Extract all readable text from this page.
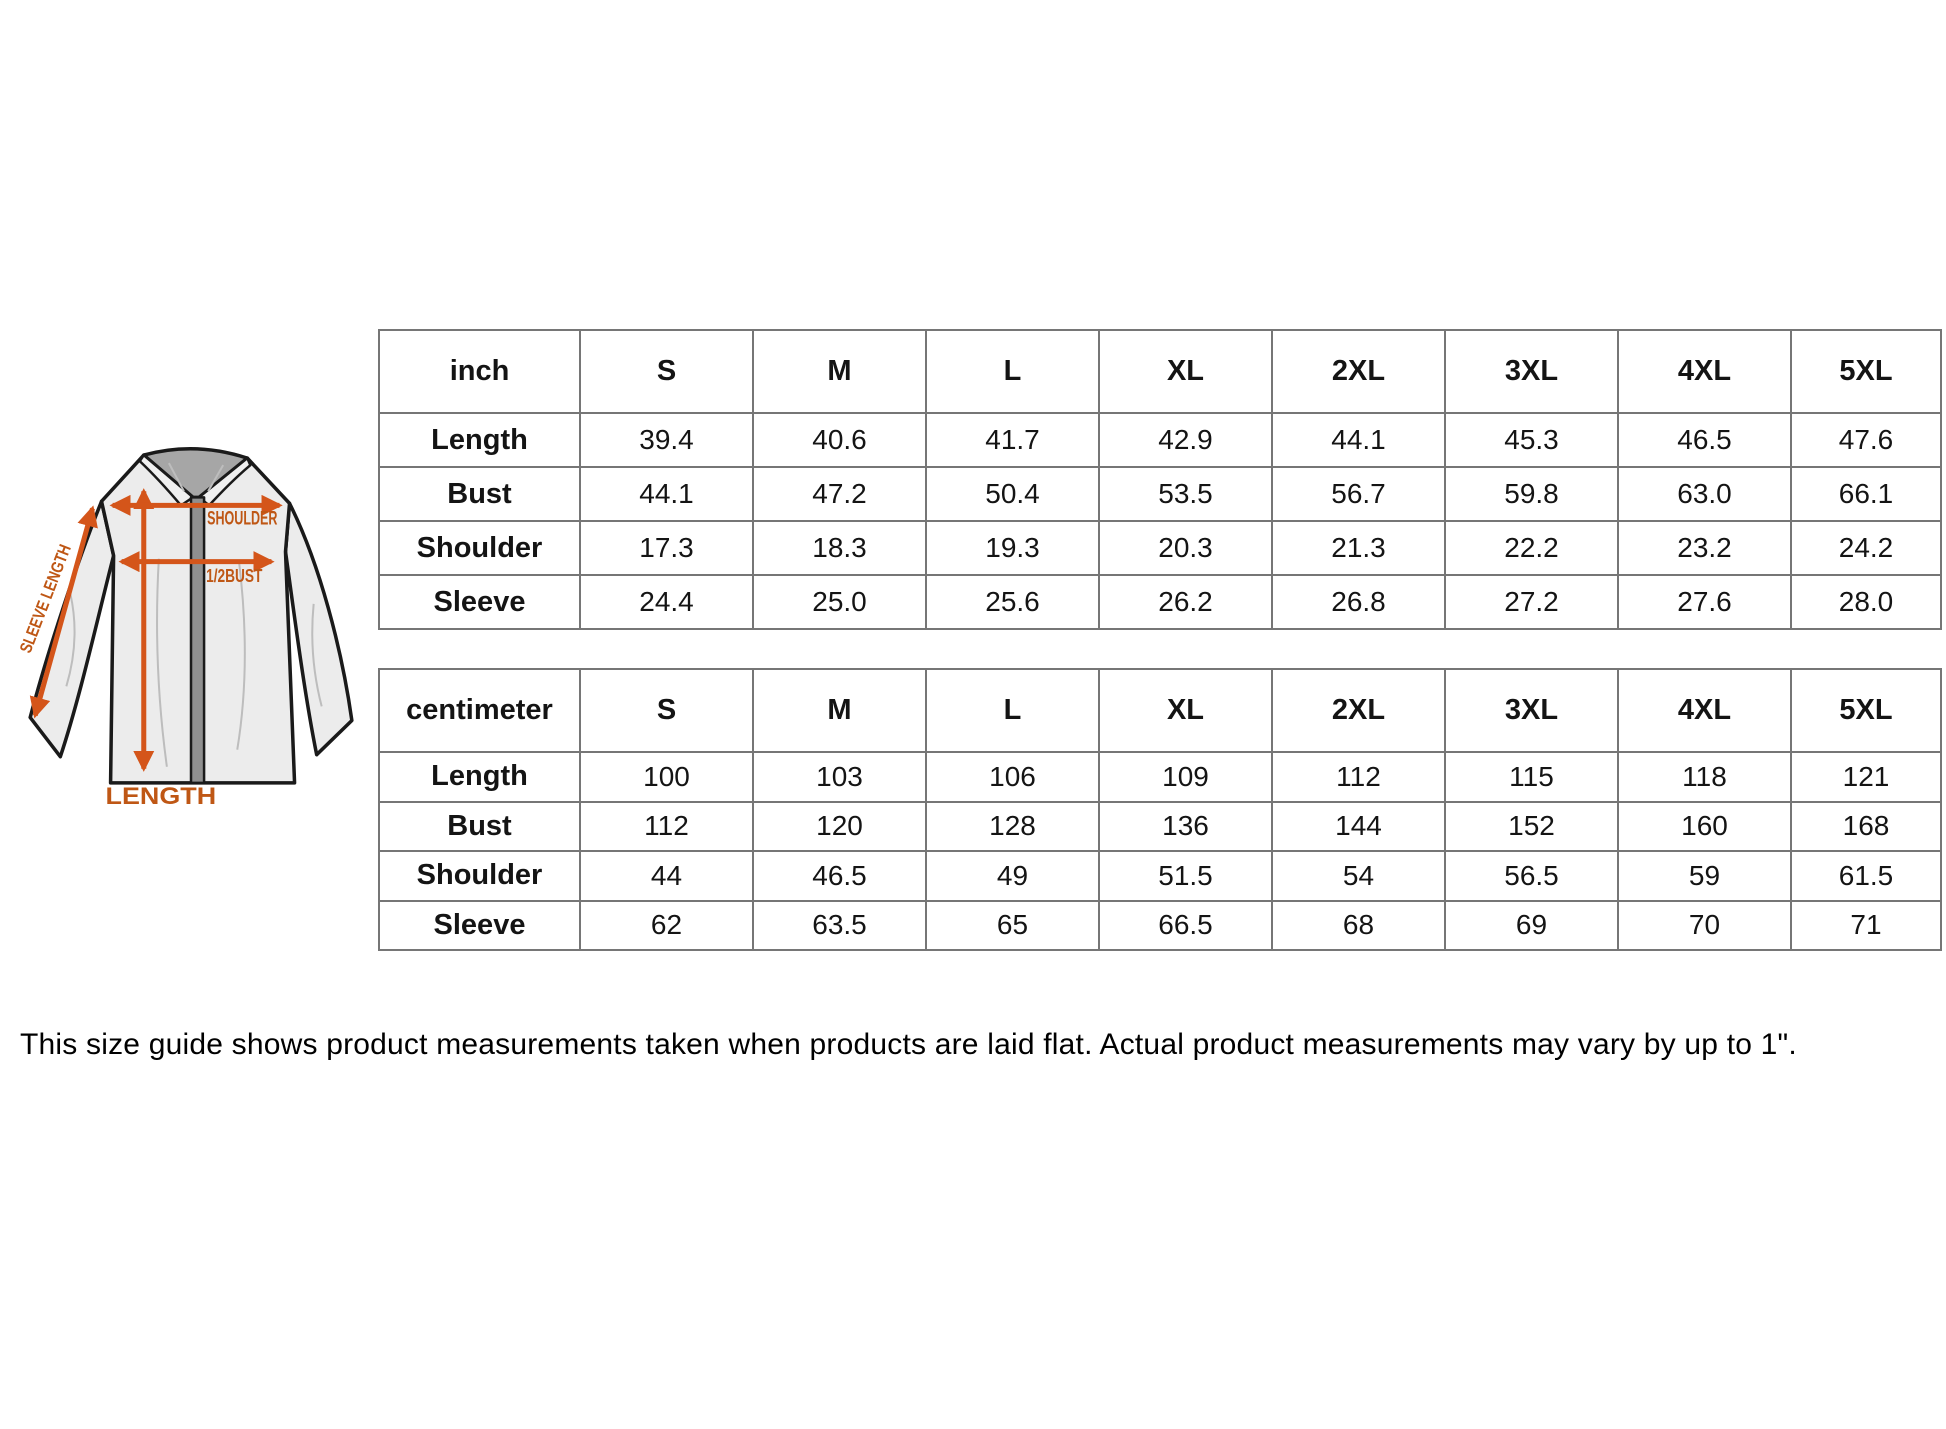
SHOULDER
1/2BUST
LENGTH
SLEEVE LENGTH
inch	S	M	L	XL	2XL	3XL	4XL	5XL
Length	39.4	40.6	41.7	42.9	44.1	45.3	46.5	47.6
Bust	44.1	47.2	50.4	53.5	56.7	59.8	63.0	66.1
Shoulder	17.3	18.3	19.3	20.3	21.3	22.2	23.2	24.2
Sleeve	24.4	25.0	25.6	26.2	26.8	27.2	27.6	28.0
centimeter	S	M	L	XL	2XL	3XL	4XL	5XL
Length	100	103	106	109	112	115	118	121
Bust	112	120	128	136	144	152	160	168
Shoulder	44	46.5	49	51.5	54	56.5	59	61.5
Sleeve	62	63.5	65	66.5	68	69	70	71

This size guide shows product measurements taken when products are laid flat. Actual product measurements may vary by up to 1".
